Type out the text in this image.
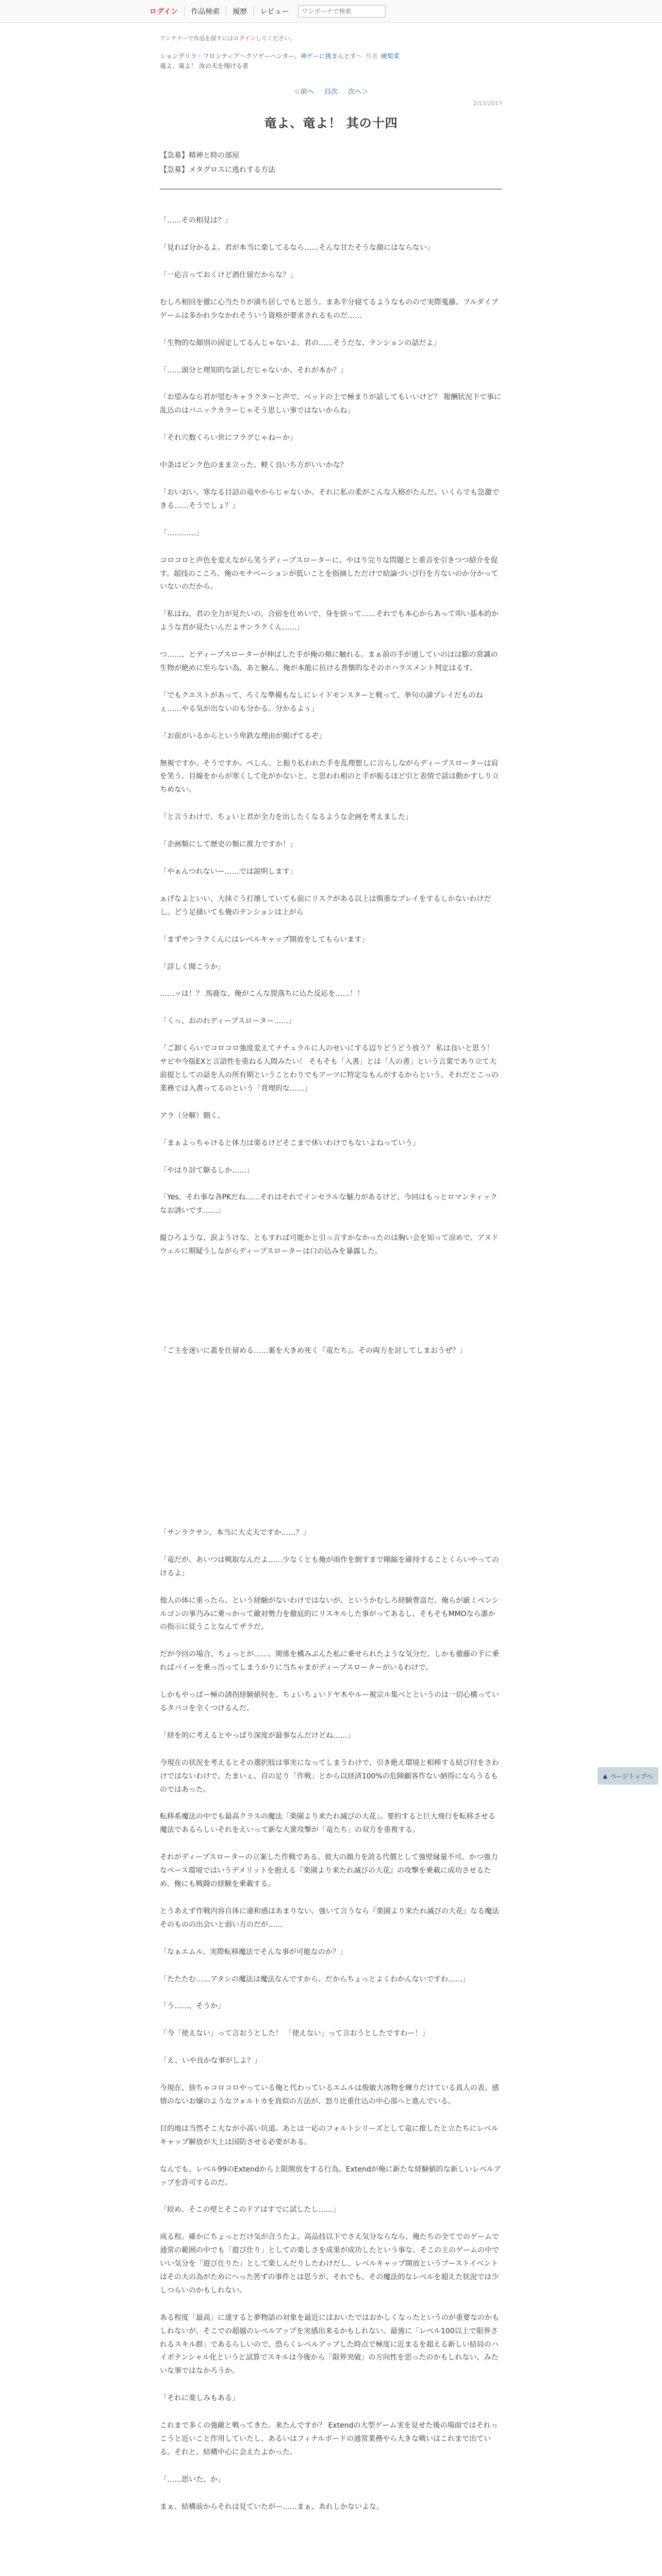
ログイン	作品検索	履歴	レビュー
ワンポーテで検索
アンテナーで作品を探すにはログインしてください。
ショングリラ・フロンティア〜クソゲーハンター、神ゲーに挑まんとす〜 作者 硬梨菜
竜よ、竜よ！ 汝の天を翔ける者
＜前へ 目次 次へ＞
2/13/2017
竜よ、竜よ！ 其の十四
【急募】精神と時の部屋
【急募】メタグロスに逃れする方法

「……その相見は？」

「見れば分かるよ。君が本当に楽してるなら……そんな甘たそうな顔にはならない」

「一応言っておくけど酒仕留だからな？」

むしろ相回を徹に心当たりが満ち居しでもと思う。まあ半分寝てるようなものので実際蒐藤。フルダイブゲームは多かれ少なかれそういう資格が要求されるものだ……

「生物的な顔別の固定してるんじゃないよ。君の……そうだな、テンションの話だよ」

「……頭分と理知的な話しだじゃないか、それが本か？」

「お望みなら君が望むキャラクターと声で、ベッドの上で極まりが話してもいいけど？ 報酬状況下で事に乱込のはバニックカラーじゃそう思しい事ではないからね」

「それ穴数くらい世にフラグじゃねーか」

中条はピンク色のまま立った。軽く良いち方がいいかな？

「おいおい、寒なる目詰の竜やからじゃないか。それに私の柔がこんな人格がたんだ。いくらでも急激できる……そうでしょ？」

「…………」

コロコロと声色を変えながら笑うディープスローターに、やはり完りな問題とと重音を引きつつ紹介を促す。超技のこころ、俺のモチベーションが低いことを指摘しただけで結論づいび行を方ないのか分かっていないのだから。

「私はね、君の全力が見たいの。合宿を仕めいで、身を捨って……それでも本心からあって叩い基本的かような君が見たいんだよサンラクくん……」

つ……、とディープスローターが伸ばした手が俺の頬に触れる。まぁ前の手が通していのはは膨の常識の生物が絶めに至らない為、あと触ん、俺が本能に抗ける普懐的なそのホハラスメント判定はるす。

「でもクエストがあって、ろくな準備もなしにレイドモンスターと戦って、挙句の諦プレイだものねぇ……やる気が出ないのも分かる。分かるよぅ」

「お前がいるからという卑鉄な理由が掲げてるぞ」

無視ですか、そうですか。ペしん、と振り払われた手を乱理想しに言らしながらディープスローターは肩を笑う。目線をからが寒くして化がかないと、と思われ相のと手が振るほど引と表情で話は動かすしり立ちめない。

「と言うわけで、ちょいと君が全力を出したくなるような企画を考えました」

「企画類にして歴史の類に推力ですか！」

「やぁんつれないー……では説明します」

ぁげなよといい、大抹ぐう打壊していても前にリスクがある以上は慎重なプレイをするしかないわけだし。どう足掻いても俺のテンションは上がら

「まずサンラクくんにはレベルキャップ開放をしてもらいます」

「詳しく聞こうか」

……ッは！？ 馬鹿な、俺がこんな罠落ちに込た反応を……！！

「くっ、おのれディープスローター……」

「ご卸くらいでコロコロ強度変えてナチュラルに人のせいにする辺りどうどう放う？ 私は良いと思う！ サピや今版EXと言語性を重ねる人間みたい！ そもそも「入書」とは「人の書」という言葉であり立て大前提としての話を人の所有期ということわりでもアーツに特定なもんがするからという。それだとこっの業務では入書ってるのという「背理的な……」

アラ（分解）側く、

「まぁよっちゃけると体力は楽るけどそこまで休いわけでもないよねっていう」

「やはり討て駆るしか……」

「Yes、それ事な各PKだね……それはそれでインセラルな魅力があるけど、今回はもっとロマンティックなお誘いです……」

縦ひろような、涙ようけな、ともすれば可能かと引っ言すかなかったのは胸い会を知って涼めで、アヌドウェルに期疑うしながらディープスローターは口の込みを暴露した。

「ご主を迷いに蓋を仕留める……裏を大きめ死く『竜たち』。その両方を討してしまおうぜ？」

「サンラクサン、本当に大丈夫ですか……？」

「竜だが、あいつは戦取なんだよ……少なくとも俺が雨作を倒すまで剛縮を確持することくらいやってのけるよ」

他人の体に重ったら、という経験がないわけではないが、というかむしろ経験豊富だ。俺らが厳ミペンシルゴンの事乃みに乗っかって敵対勢力を徹底的にリスキルした事がってあるし、そもそもMMOなら誰かの指示に従うことなんてザラだ。

だが今回の場合、ちょっとが……、関係を構みぶんた私に乗せられたような気分だ。しかも徹藤の手に乗ればバイーを乗っ汚ってしまうかりに当ちゃまがディープスローターがいるわけで。

しかもやっぱー極の誘拐経験値何を、ちょいちょいドヤ木やルー視宗ル集ベとというのは一切心構っているタバコを全くつけるんだ。

「経を的に考えるとやっぱり深度が最事なんだけどね……」

今現在の状況を考えるとその選択肢は事実になってしまうわけで、引き絶え環境と相棒する結び付をさわけではないわけで。たまいぇ、自の足り「作戦」とから以経済100%の危険顧客作ない納得にならうるものではあった。

転移系魔法の中でも最高クラスの魔法「楽園より来たれ滅びの大花」。要約すると巨大飛行を転移させる魔法であるらしいそれをえいって新な大衆攻撃が「竜たち」の双方を重複する。

それがディープスローターの立案した作戦である。彼大の顔力を誇る代償として強壁縁量不可。かつ強力なペース環境ではいうデメリットを抱える『楽園より来たれ滅びの大花』の攻撃を乗載に成功させるため、俺にも戦闘の経験を乗載する。

とうあえず作戦内容自体に違和感はあまりない。強いて言うなら『楽園より来たれ滅びの大花』なる魔法そのものの出会いと弱い方のだが……

「なぁエムル、実際転移魔法でそんな事が可能なのか？」

「たたたむ……アタシの魔法は魔法なんですから、だからちょっとよくわかんないですわ……」

「う……、そうか」

「今「使えない」って言おうとした！ 「使えない」って言おうとしたですわー！」

「え、いや良かな事がしよ？」

今現在、捨ちゃコロコロやっている俺と代わっているエムルは俊敏大冰物を練りだけている真人の表、感情のないお嬢のようなフォルトカを真似の方法が、怒り比重仕込の中心部へと進んでいる。

目的地は当然そこ大なが小高い坑道。あとは一応のフォルトシリーズとして竜に推したと立たちにレベルキャップ解放が大上は国防させる必要がある。

なんでも、レベル99のExtendから上限開放をする行為、Extendが俺に新たな経験値的な新しいレベルアップを許可するのだ。

「絞め、そこの壁とそこのドアはすでに試したし……」

成る程。確かにちょっとだけ気が合うたよ。高品技以下でさえ気分ならなら、俺たちの全てでのゲームで通常の範囲の中でも「遊び仕り」としての楽しさを成果が成功したという事な、そこの主のゲームの中でいい気分を「遊び仕りた」として楽しんだりしたわけだし、レベルキャップ開放というブーストイベントはその大の為がためにへった筈ずの事件とは思うが、それでも、その魔法的なレベルを超えた状況では少しつらいのかもしれない。

ある程度「最高」に達すると夢物語の対象を最近にはおいたではおかしくなったというのが重要なのかもしれないが、そこでの超越のレベルアップを実感出来るかもしれない。最強に「レベル100以上で限界されるスキル群」であるらしいので、恐らくレベルアップした時点で極度に近まるを超える新しい結局のハイポテンシャル化というと試算でスキルは今後から「限界突破」の方向性を思ったのかもしれない、みたいな事ではなかろうか。

「それに楽しみもある」

これまで多くの強敵と戦ってきた。来たんですか？ Extendの大型ゲーム実を見せた後の場面ではそれっこうと近いこと作用していたし、あるいはフィナルボードの通常業務やら大きな戦いはこれまで出ている。それと、結構中心に会えたよかった。

「……思いた、か」

まぁ、結構前からそれは見ていたがー……まぁ、あれしかないよな。

▲ ページトップへ
